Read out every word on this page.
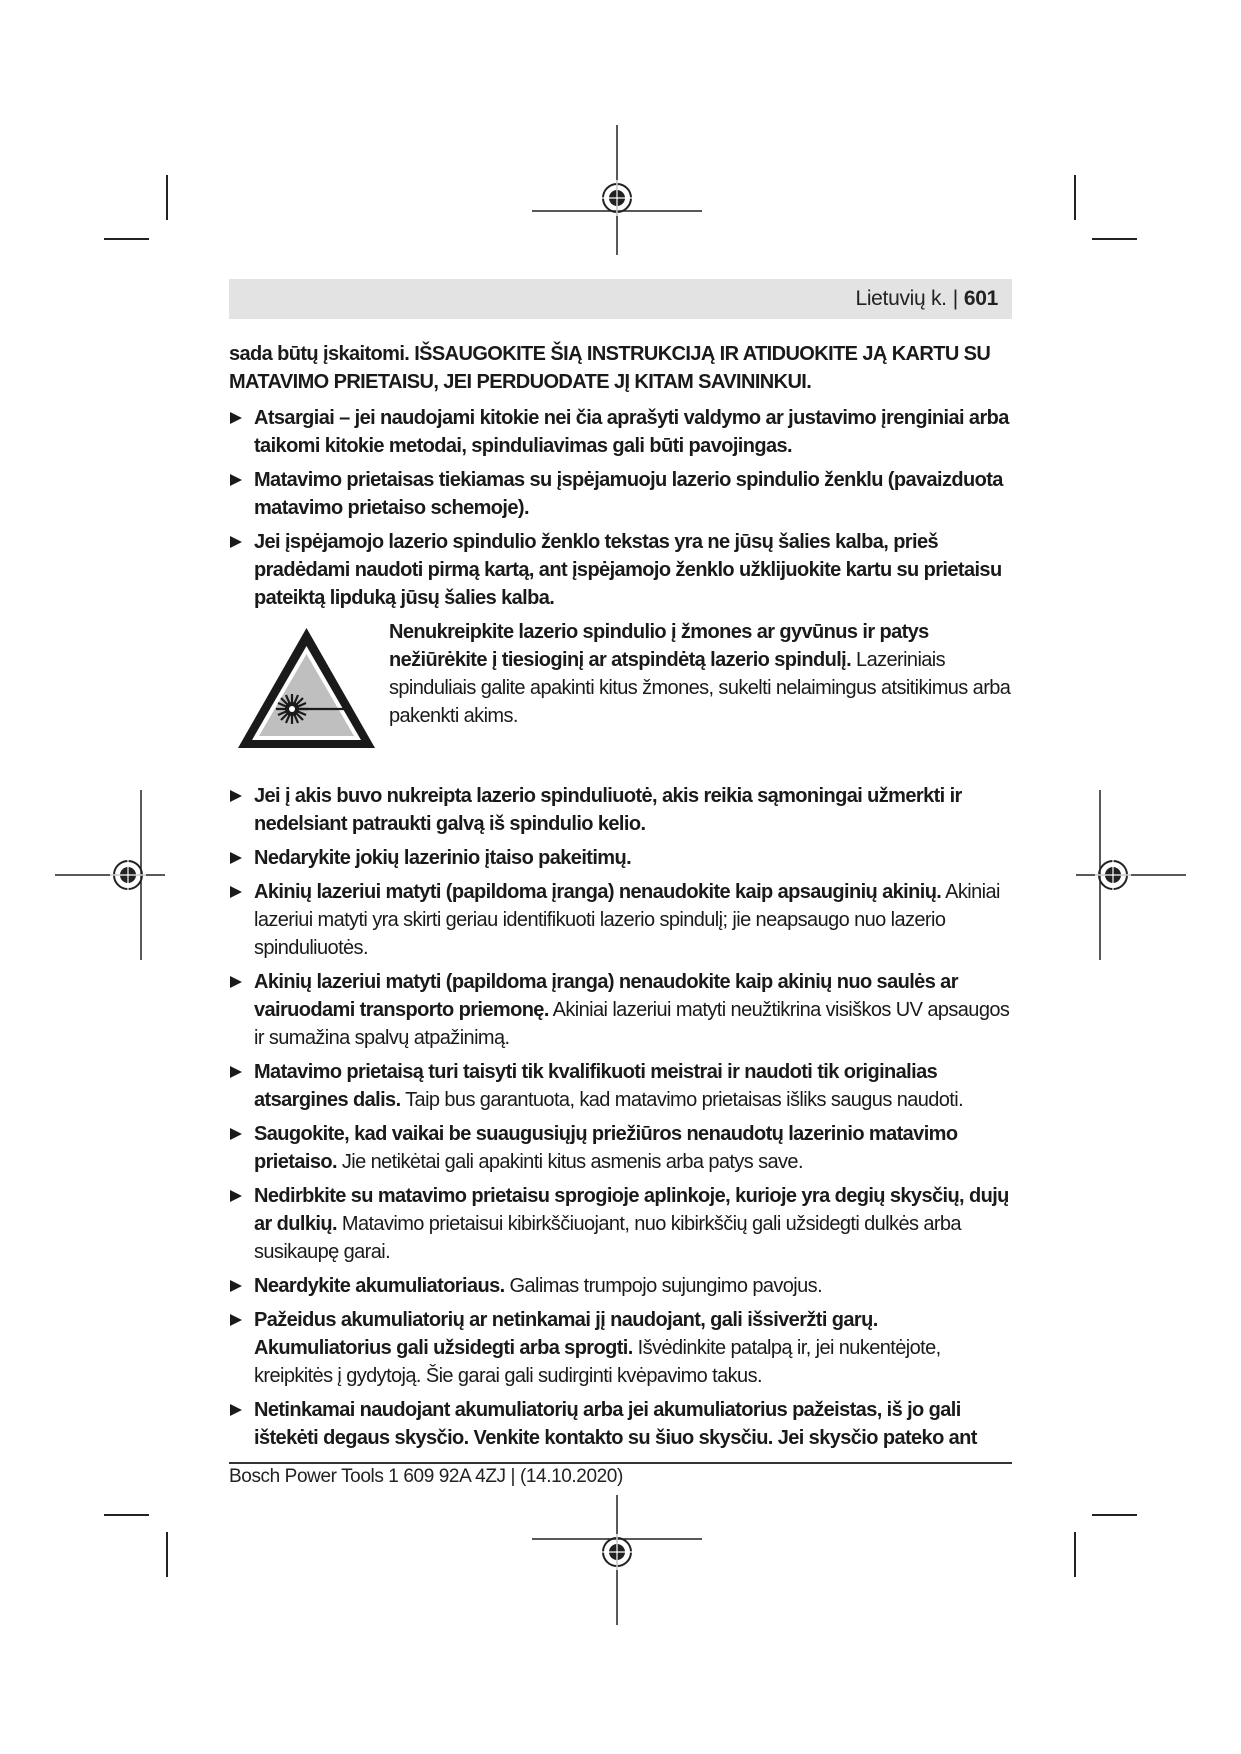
Lietuvių k. | 601

sada būtų įskaitomi. IŠSAUGOKITE ŠIĄ INSTRUKCIJĄ IR ATIDUOKITE JĄ KARTU SU MATAVIMO PRIETAISU, JEI PERDUODATE JĮ KITAM SAVININKUI.

Atsargiai – jei naudojami kitokie nei čia aprašyti valdymo ar justavimo įrenginiai arba taikomi kitokie metodai, spinduliavimas gali būti pavojingas.
Matavimo prietaisas tiekiamas su įspėjamuoju lazerio spindulio ženklu (pavaizduota matavimo prietaiso schemoje).
Jei įspėjamojo lazerio spindulio ženklo tekstas yra ne jūsų šalies kalba, prieš pradėdami naudoti pirmą kartą, ant įspėjamojo ženklo užklijuokite kartu su prietaisu pateiktą lipduką jūsų šalies kalba.
Nenukreipkite lazerio spindulio į žmones ar gyvūnus ir patys nežiūrėkite į tiesioginį ar atspindėtą lazerio spindulį. Lazeriniais spinduliais galite apakinti kitus žmones, sukelti nelaimingus atsitikimus arba pakenkti akims.
Jei į akis buvo nukreipta lazerio spinduliuotė, akis reikia sąmoningai užmerkti ir nedelsiant patraukti galvą iš spindulio kelio.
Nedarykite jokių lazerinio įtaiso pakeitimų.
Akinių lazeriui matyti (papildoma įranga) nenaudokite kaip apsauginių akinių. Akiniai lazeriui matyti yra skirti geriau identifikuoti lazerio spindulį; jie neapsaugo nuo lazerio spinduliuotės.
Akinių lazeriui matyti (papildoma įranga) nenaudokite kaip akinių nuo saulės ar vairuodami transporto priemonę. Akiniai lazeriui matyti neužtikrina visiškos UV apsaugos ir sumažina spalvų atpažinimą.
Matavimo prietaisą turi taisyti tik kvalifikuoti meistrai ir naudoti tik originalias atsargines dalis. Taip bus garantuota, kad matavimo prietaisas išliks saugus naudoti.
Saugokite, kad vaikai be suaugusiųjų priežiūros nenaudotų lazerinio matavimo prietaiso. Jie netikėtai gali apakinti kitus asmenis arba patys save.
Nedirbkite su matavimo prietaisu sprogioje aplinkoje, kurioje yra degių skysčių, dujų ar dulkių. Matavimo prietaisui kibirkščiuojant, nuo kibirkščių gali užsidegti dulkės arba susikaupę garai.
Neardykite akumuliatoriaus. Galimas trumpojo sujungimo pavojus.
Pažeidus akumuliatorių ar netinkamai jį naudojant, gali išsiveržti garų. Akumuliatorius gali užsidegti arba sprogti. Išvėdinkite patalpą ir, jei nukentėjote, kreipkitės į gydytoją. Šie garai gali sudirginti kvėpavimo takus.
Netinkamai naudojant akumuliatorių arba jei akumuliatorius pažeistas, iš jo gali ištekėti degaus skysčio. Venkite kontakto su šiuo skysčiu. Jei skysčio pateko ant
Bosch Power Tools 1 609 92A 4ZJ | (14.10.2020)
